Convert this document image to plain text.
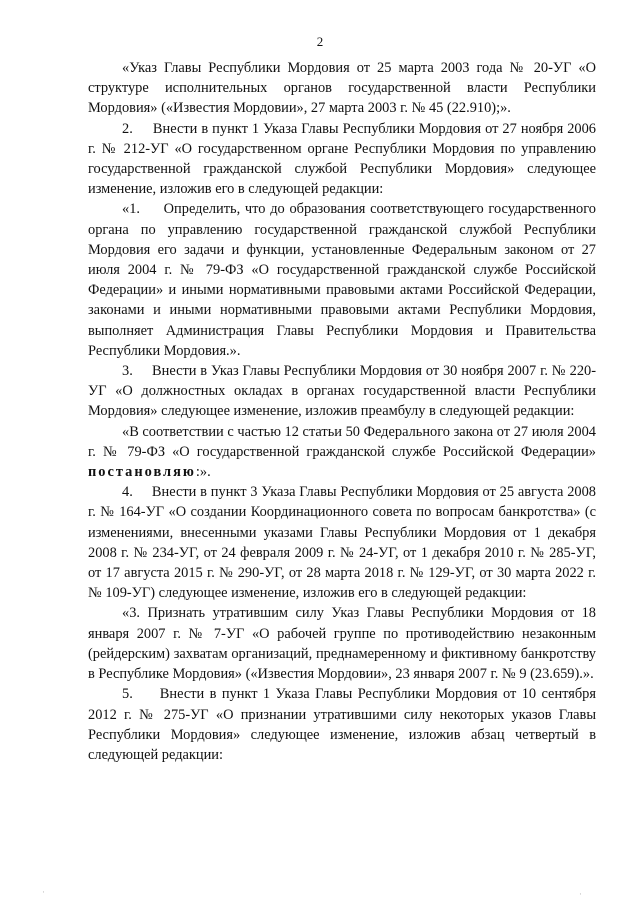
2

«Указ Главы Республики Мордовия от 25 марта 2003 года № 20-УГ «О структуре исполнительных органов государственной власти Республики Мордовия» («Известия Мордовии», 27 марта 2003 г. № 45 (22.910);».

2.     Внести в пункт 1 Указа Главы Республики Мордовия от 27 ноября 2006 г. № 212-УГ «О государственном органе Республики Мордовия по управлению государственной гражданской службой Республики Мордовия» следующее изменение, изложив его в следующей редакции:

«1.     Определить, что до образования соответствующего государственного органа по управлению государственной гражданской службой Республики Мордовия его задачи и функции, установленные Федеральным законом от 27 июля 2004 г. № 79-ФЗ «О государственной гражданской службе Российской Федерации» и иными нормативными правовыми актами Российской Федерации, законами и иными нормативными правовыми актами Республики Мордовия, выполняет Администрация Главы Республики Мордовия и Правительства Республики Мордовия.».

3.     Внести в Указ Главы Республики Мордовия от 30 ноября 2007 г. № 220-УГ «О должностных окладах в органах государственной власти Республики Мордовия» следующее изменение, изложив преамбулу в следующей редакции:

«В соответствии с частью 12 статьи 50 Федерального закона от 27 июля 2004 г. № 79-ФЗ «О государственной гражданской службе Российской Федерации» постановляю:».

4.     Внести в пункт 3 Указа Главы Республики Мордовия от 25 августа 2008 г. № 164-УГ «О создании Координационного совета по вопросам банкротства» (с изменениями, внесенными указами Главы Республики Мордовия от 1 декабря 2008 г. № 234-УГ, от 24 февраля 2009 г. № 24-УГ, от 1 декабря 2010 г. № 285-УГ, от 17 августа 2015 г. № 290-УГ, от 28 марта 2018 г. № 129-УГ, от 30 марта 2022 г. № 109-УГ) следующее изменение, изложив его в следующей редакции:

«3. Признать утратившим силу Указ Главы Республики Мордовия от 18 января 2007 г. № 7-УГ «О рабочей группе по противодействию незаконным (рейдерским) захватам организаций, преднамеренному и фиктивному банкротству в Республике Мордовия» («Известия Мордовии», 23 января 2007 г. № 9 (23.659).».

5.     Внести в пункт 1 Указа Главы Республики Мордовия от 10 сентября 2012 г. № 275-УГ «О признании утратившими силу некоторых указов Главы Республики Мордовия» следующее изменение, изложив абзац четвертый в следующей редакции:

·	·
